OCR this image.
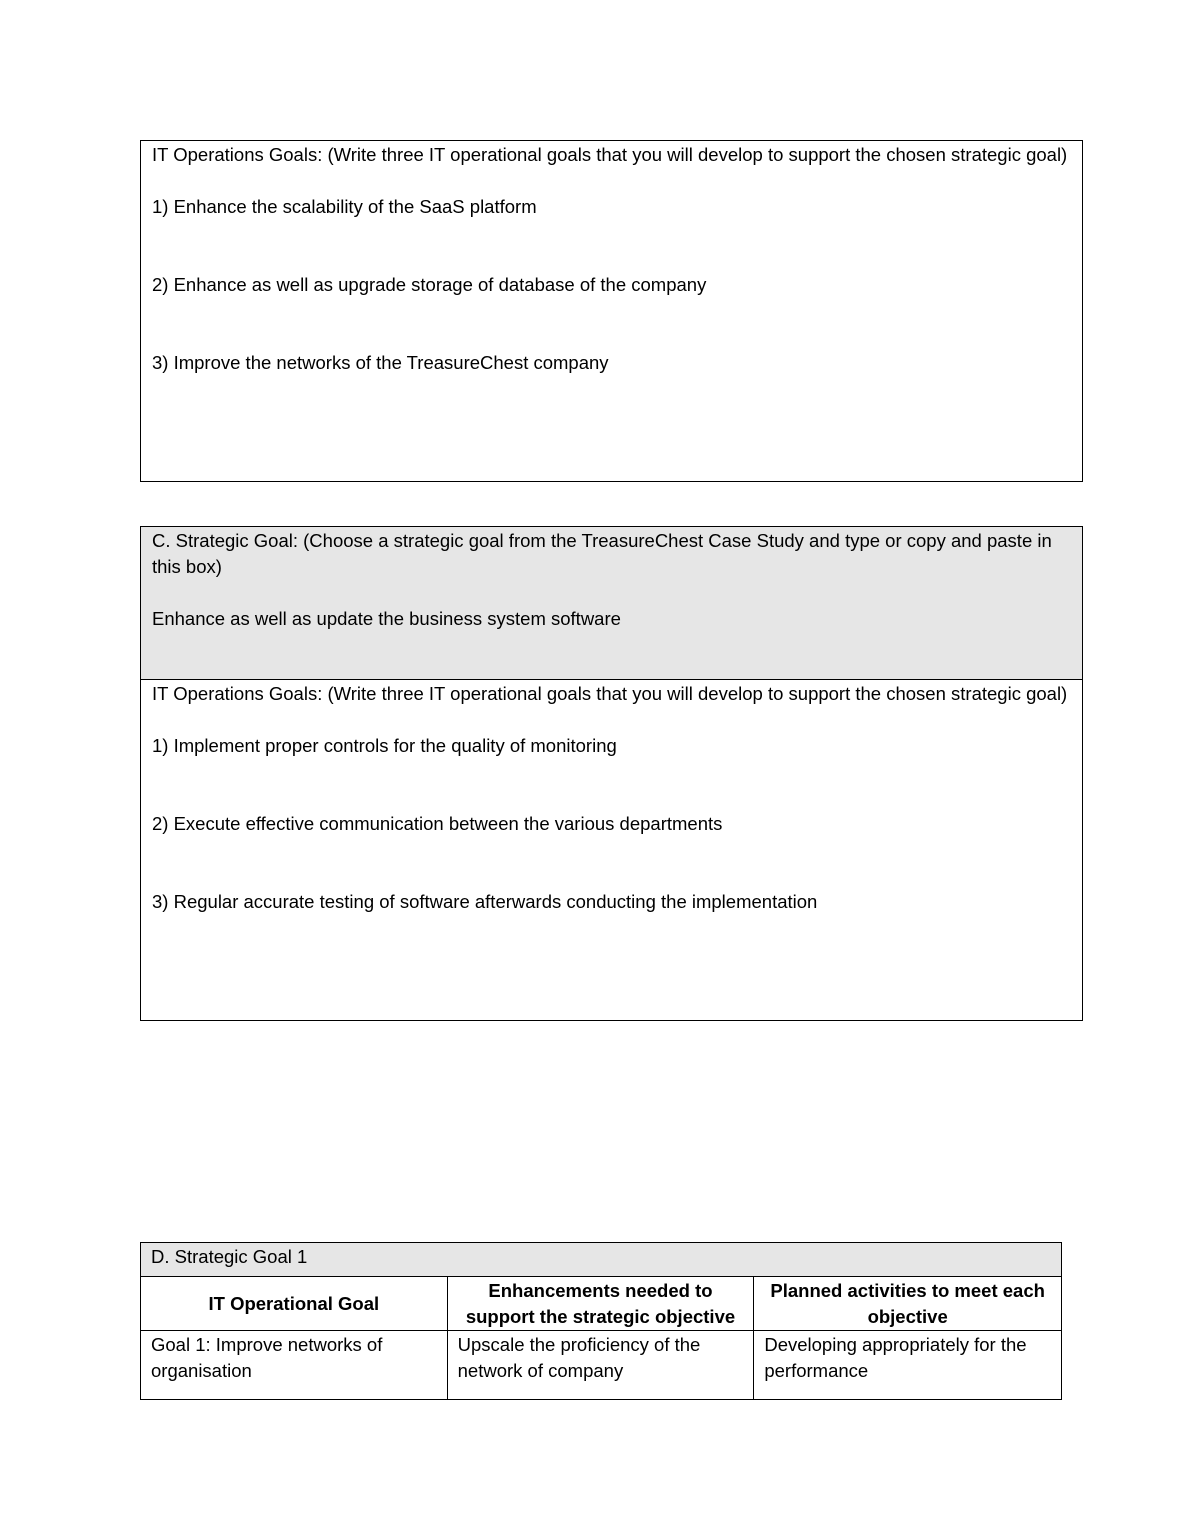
IT Operations Goals: (Write three IT operational goals that you will develop to support the chosen strategic goal)

1) Enhance the scalability of the SaaS platform

2) Enhance as well as upgrade storage of database of the company

3) Improve the networks of the TreasureChest company

C. Strategic Goal: (Choose a strategic goal from the TreasureChest Case Study and type or copy and paste in this box)

Enhance as well as update the business system software

IT Operations Goals: (Write three IT operational goals that you will develop to support the chosen strategic goal)

1) Implement proper controls for the quality of monitoring

2) Execute effective communication between the various departments

3) Regular accurate testing of software afterwards conducting the implementation

D. Strategic Goal 1		
IT Operational Goal	Enhancements needed to support the strategic objective	Planned activities to meet each objective
Goal 1: Improve networks of organisation	Upscale the proficiency of the network of company	Developing appropriately for the performance
